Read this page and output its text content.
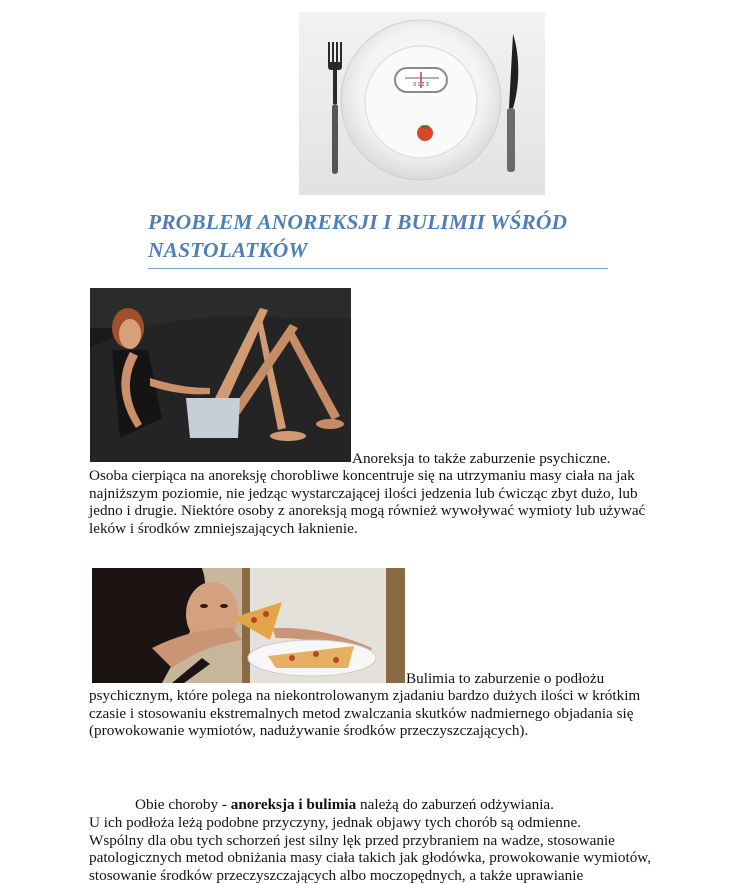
0 1 2 3
PROBLEM ANOREKSJI I BULIMII WŚRÓD
NASTOLATKÓW
Anoreksja to także zaburzenie psychiczne.
Osoba cierpiąca na anoreksję chorobliwe koncentruje się na utrzymaniu masy ciała na jak
najniższym poziomie, nie jedząc wystarczającej ilości jedzenia lub ćwicząc zbyt dużo, lub
jedno i drugie. Niektóre osoby z anoreksją mogą również wywoływać wymioty lub używać
leków i środków zmniejszających łaknienie.
Bulimia to zaburzenie o podłożu
psychicznym, które polega na niekontrolowanym zjadaniu bardzo dużych ilości w krótkim
czasie i stosowaniu ekstremalnych metod zwalczania skutków nadmiernego objadania się
(prowokowanie wymiotów, nadużywanie środków przeczyszczających).
Obie choroby - anoreksja i bulimia należą do zaburzeń odżywiania.
U ich podłoża leżą podobne przyczyny, jednak objawy tych chorób są odmienne.
Wspólny dla obu tych schorzeń jest silny lęk przed przybraniem na wadze, stosowanie
patologicznych metod obniżania masy ciała takich jak głodówka, prowokowanie wymiotów,
stosowanie środków przeczyszczających albo moczopędnych, a także uprawianie
